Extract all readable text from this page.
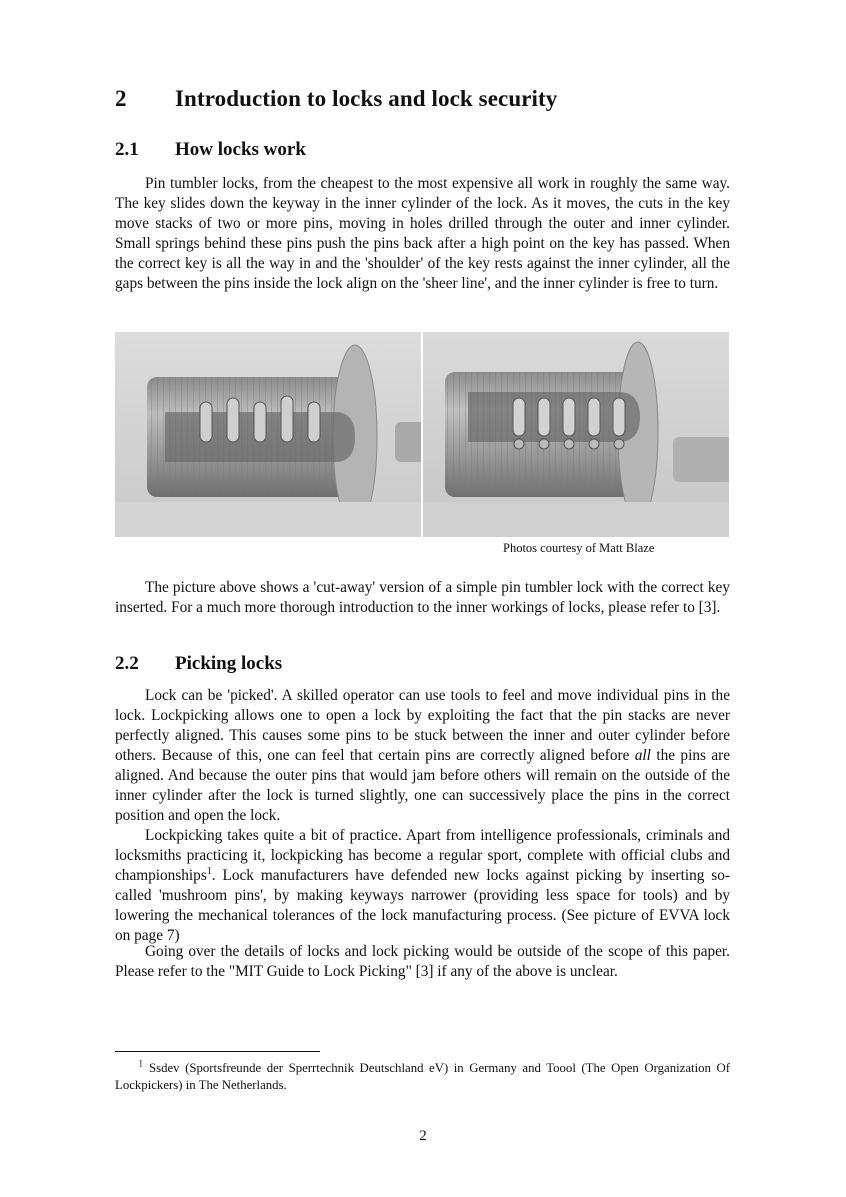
2 Introduction to locks and lock security
2.1 How locks work

Pin tumbler locks, from the cheapest to the most expensive all work in roughly the same way. The key slides down the keyway in the inner cylinder of the lock. As it moves, the cuts in the key move stacks of two or more pins, moving in holes drilled through the outer and inner cylinder. Small springs behind these pins push the pins back after a high point on the key has passed. When the correct key is all the way in and the 'shoulder' of the key rests against the inner cylinder, all the gaps between the pins inside the lock align on the 'sheer line', and the inner cylinder is free to turn.

Photos courtesy of Matt Blaze

The picture above shows a 'cut-away' version of a simple pin tumbler lock with the correct key inserted. For a much more thorough introduction to the inner workings of locks, please refer to [3].

2.2 Picking locks

Lock can be 'picked'. A skilled operator can use tools to feel and move individual pins in the lock. Lockpicking allows one to open a lock by exploiting the fact that the pin stacks are never perfectly aligned. This causes some pins to be stuck between the inner and outer cylinder before others. Because of this, one can feel that certain pins are correctly aligned before all the pins are aligned. And because the outer pins that would jam before others will remain on the outside of the inner cylinder after the lock is turned slightly, one can successively place the pins in the correct position and open the lock.

Lockpicking takes quite a bit of practice. Apart from intelligence professionals, criminals and locksmiths practicing it, lockpicking has become a regular sport, complete with official clubs and championships$^1$. Lock manufacturers have defended new locks against picking by inserting so-called 'mushroom pins', by making keyways narrower (providing less space for tools) and by lowering the mechanical tolerances of the lock manufacturing process. (See picture of EVVA lock on page 7)

Going over the details of locks and lock picking would be outside of the scope of this paper. Please refer to the "MIT Guide to Lock Picking" [3] if any of the above is unclear.

$^1$ Ssdev (Sportsfreunde der Sperrtechnik Deutschland eV) in Germany and Toool (The Open Organization Of Lockpickers) in The Netherlands.
2
